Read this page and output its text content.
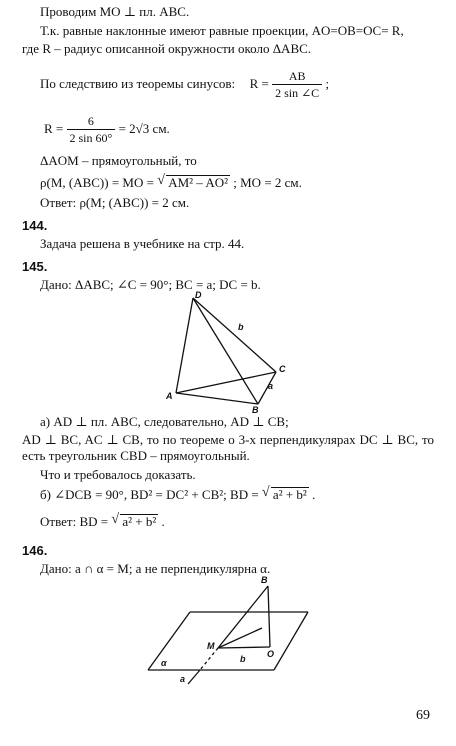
Проводим MO ⊥ пл. ABC.
Т.к. равные наклонные имеют равные проекции, AO=OB=OC= R,
где R – радиус описанной окружности около ΔABC.
По следствию из теоремы синусов: $R = \frac{AB}{2 \sin \angle C}$ ;
$R = \frac{6}{2 \sin 60^\circ} = 2√3$ см.
ΔAOM – прямоугольный, то
ρ(M, (ABC)) = MO = √ AM² – AO² ; MO = 2 см.
Ответ: ρ(M; (ABC)) = 2 см.
144.
Задача решена в учебнике на стр. 44.
145.
Дано: ΔABC; ∠C = 90°; BC = a; DC = b.
D
A
B
C
a
b
а) AD ⊥ пл. ABC, следовательно, AD ⊥ CB;
AD ⊥ BC, AC ⊥ CB, то по теореме о 3-х перпендикулярах DC ⊥ BC, то есть треугольник CBD – прямоугольный.
Что и требовалось доказать.
б) ∠DCB = 90°, BD² = DC² + CB²; BD = √ a² + b² .
Ответ: BD = √ a² + b² .
146.
Дано: a ∩ α = M; a не перпендикулярна α.
B
M
O
b
α
a
69
